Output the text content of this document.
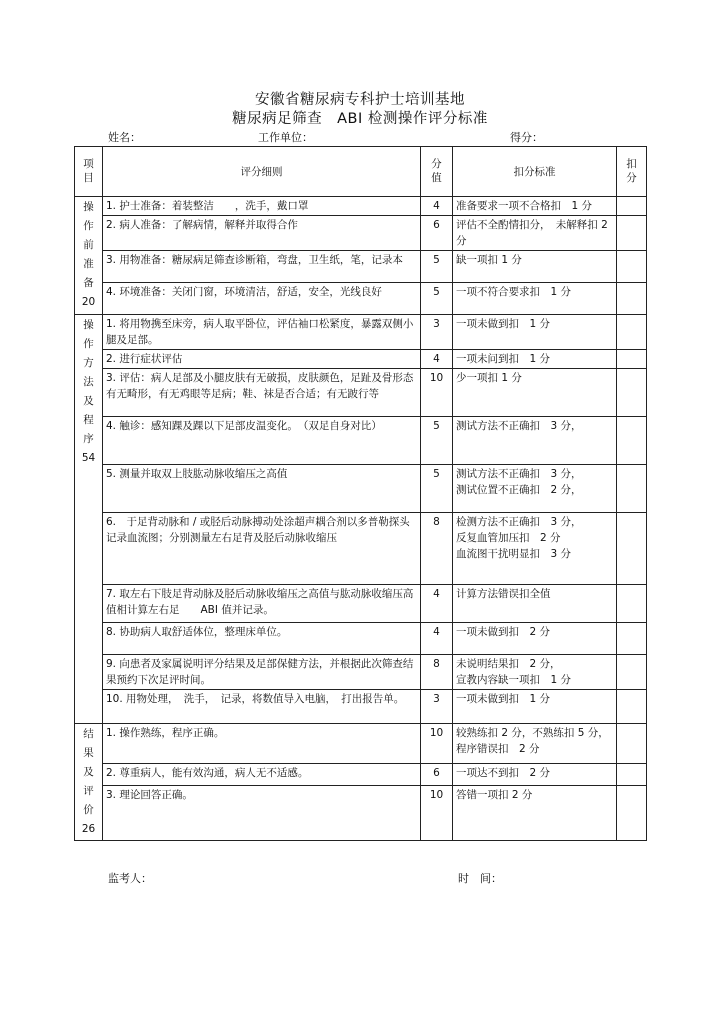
安徽省糖尿病专科护士培训基地
糖尿病足筛查　ABI 检测操作评分标准
姓名：	工作单位：	得分：
项目	评分细则	分值	扣分标准	扣分

操作前准备20	1. 护士准备：着装整洁　　，洗手，戴口罩	4	准备要求一项不合格扣　1 分	
	2. 病人准备：了解病情，解释并取得合作	6	评估不全酌情扣分，　未解释扣 2 分	
	3. 用物准备：糖尿病足筛查诊断箱，弯盘，卫生纸，笔，记录本	5	缺一项扣 1 分	
	4. 环境准备：关闭门窗，环境清洁，舒适，安全，光线良好	5	一项不符合要求扣　1 分	

操作方法及程序54	1. 将用物携至床旁，病人取平卧位，评估袖口松紧度，暴露双侧小腿及足部。	3	一项未做到扣　1 分	
	2. 进行症状评估	4	一项未问到扣　1 分	
	3. 评估：病人足部及小腿皮肤有无破损，皮肤颜色，足趾及骨形态有无畸形，有无鸡眼等足病；鞋、袜是否合适；有无跛行等	10	少一项扣 1 分	
	4. 触诊：感知踝及踝以下足部皮温变化。　（双足自身对比）	5	测试方法不正确扣　3 分，	
	5. 测量并取双上肢肱动脉收缩压之高值	5	测试方法不正确扣　3 分，
测试位置不正确扣　2 分，	
	6.　于足背动脉和 / 或胫后动脉搏动处涂超声耦合剂以多普勒探头记录血流图；分别测量左右足背及胫后动脉收缩压	8	检测方法不正确扣　3 分，
反复血管加压扣　2 分
血流图干扰明显扣　3 分	
	7. 取左右下肢足背动脉及胫后动脉收缩压之高值与肱动脉收缩压高值相计算左右足　　ABI 值并记录。	4	计算方法错误扣全值	
	8. 协助病人取舒适体位，整理床单位。	4	一项未做到扣　2 分	
	9. 向患者及家属说明评分结果及足部保健方法，并根据此次筛查结果预约下次足评时间。	8	未说明结果扣　2 分，
宣教内容缺一项扣　1 分	
	10. 用物处理，　洗手，　记录，将数值导入电脑，　打出报告单。	3	一项未做到扣　1 分	

结果及评价26	1. 操作熟练，程序正确。	10	较熟练扣 2 分，不熟练扣 5 分，程序错误扣　2 分	
	2. 尊重病人，能有效沟通，病人无不适感。	6	一项达不到扣　2 分	
	3. 理论回答正确。	10	答错一项扣 2 分	
监考人：	时　间：
